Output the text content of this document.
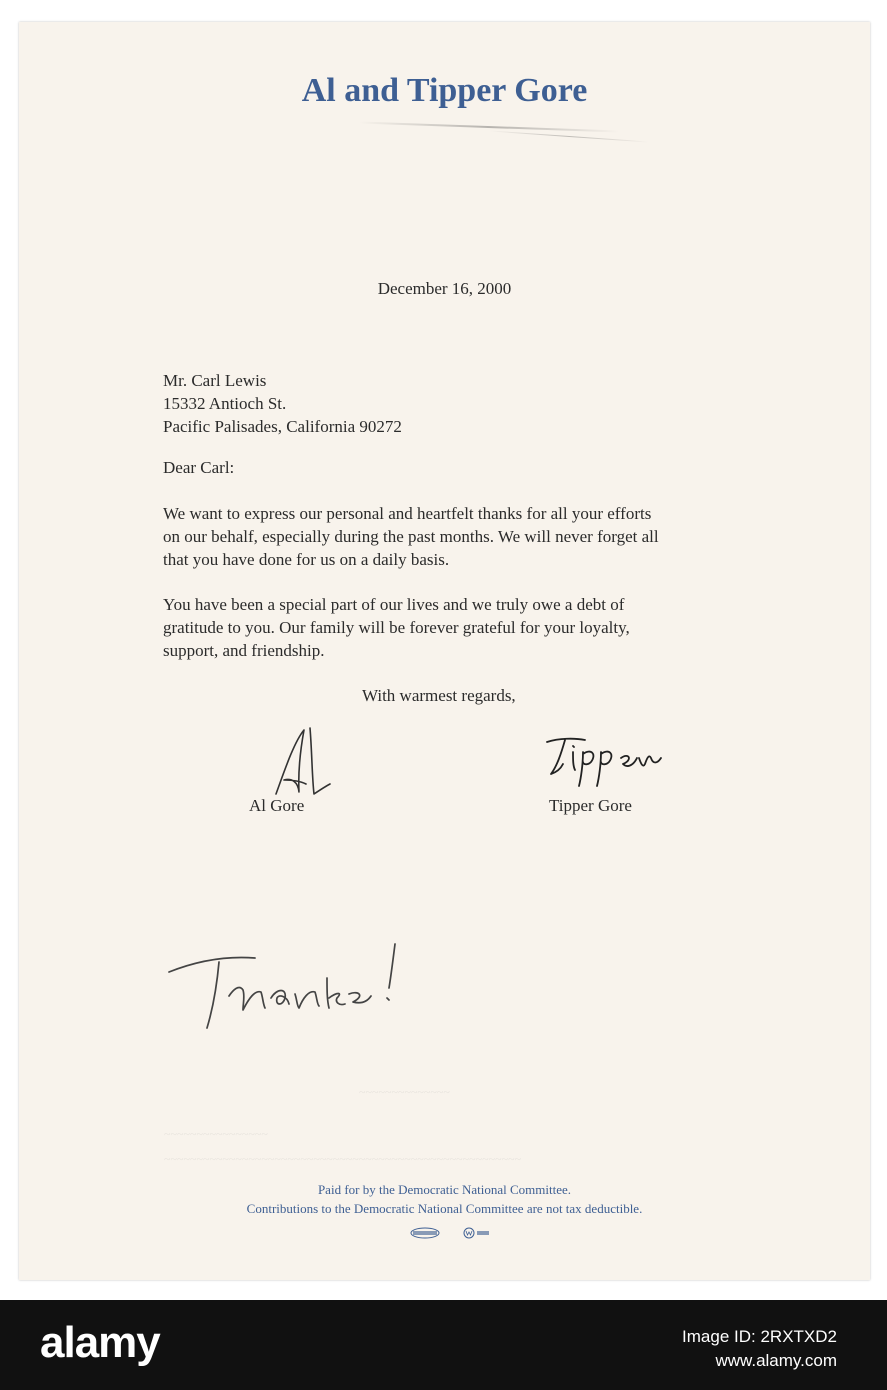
Al and Tipper Gore
December 16, 2000
Mr. Carl Lewis
15332 Antioch St.
Pacific Palisades, California 90272
Dear Carl:
We want to express our personal and heartfelt thanks for all your efforts
on our behalf, especially during the past months. We will never forget all
that you have done for us on a daily basis.
You have been a special part of our lives and we truly owe a debt of
gratitude to you. Our family will be forever grateful for your loyalty,
support, and friendship.
With warmest regards,
Al Gore	Tipper Gore
~~~~~~~~~~~~~~
~~~~~~~~~~~~~~~~
~~~~~~~~~~~~~~~~~~~~~~~~~~~~~~~~~~~~~~~~~~~~~~~~~~~~~~~
Paid for by the Democratic National Committee.
Contributions to the Democratic National Committee are not tax deductible.
alamy	Image ID: 2RXTXD2
www.alamy.com
